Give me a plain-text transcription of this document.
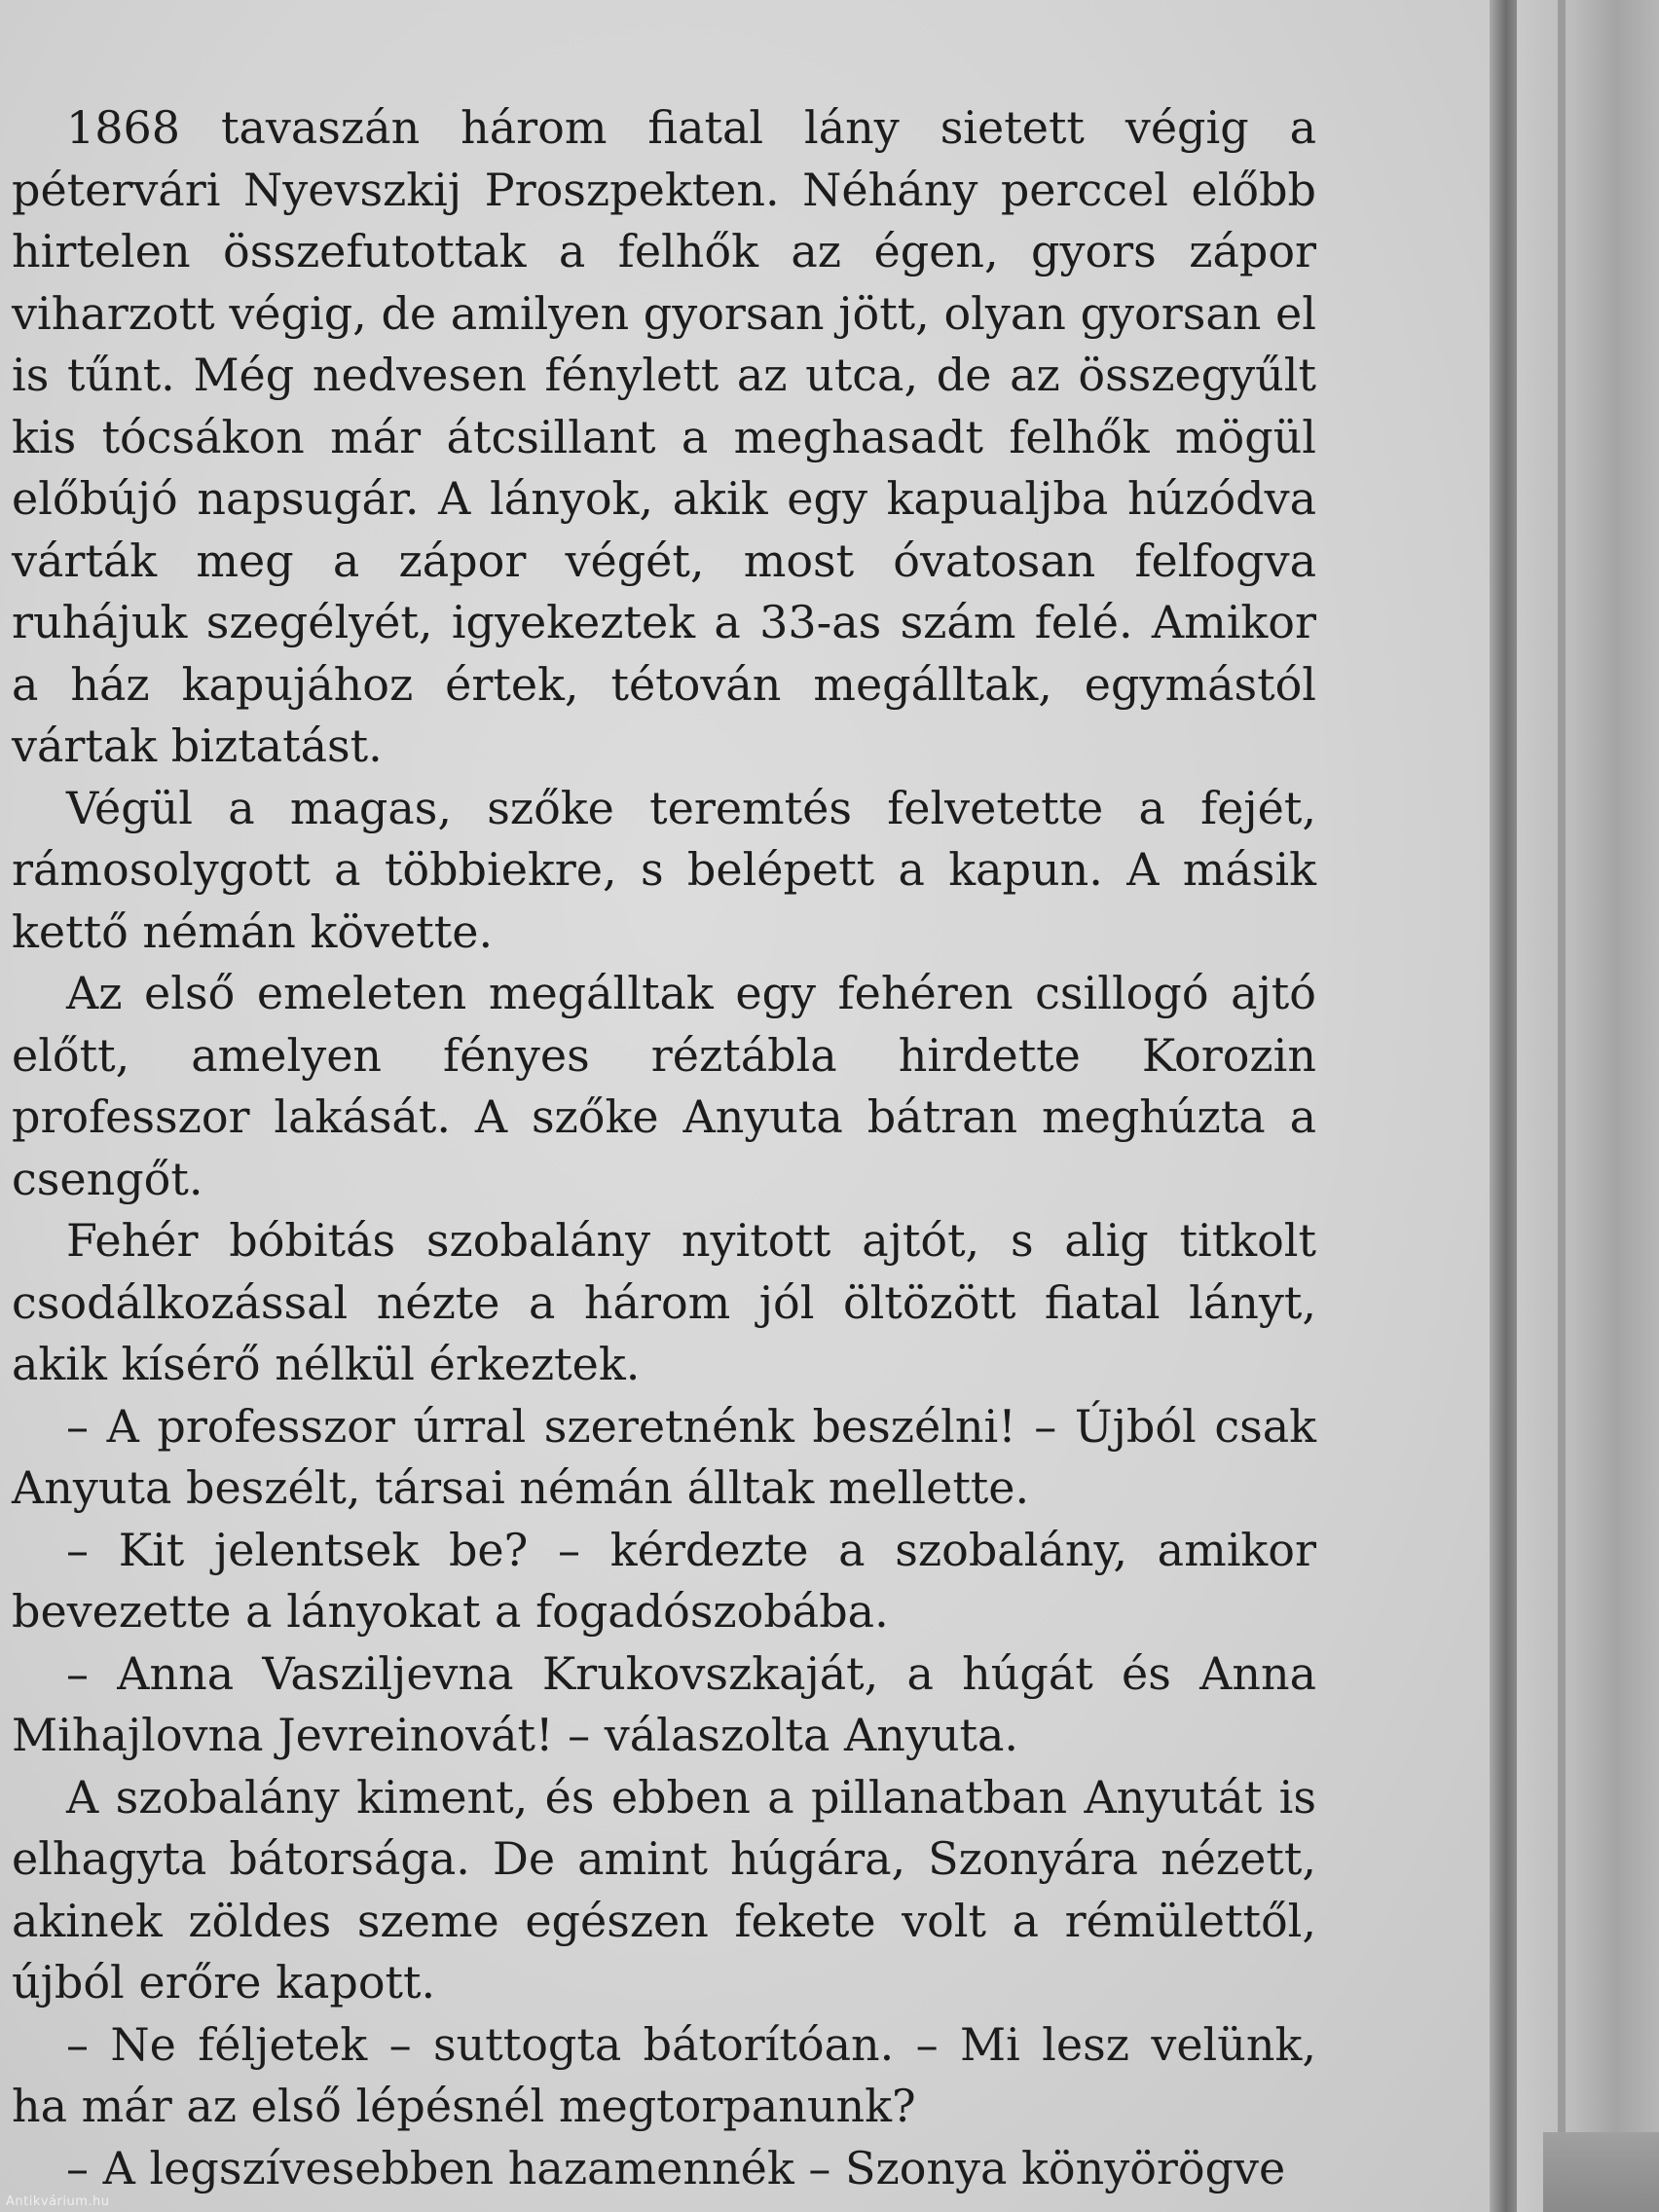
1868 tavaszán három fiatal lány sietett végig a pétervári Nyevszkij Proszpekten. Néhány perccel előbb hirtelen összefutottak a felhők az égen, gyors zápor viharzott végig, de amilyen gyorsan jött, olyan gyorsan el is tűnt. Még nedvesen fénylett az utca, de az összegyűlt kis tócsákon már átcsillant a meghasadt felhők mögül előbújó napsugár. A lányok, akik egy kapualjba húzódva várták meg a zápor végét, most óvatosan felfogva ruhájuk szegélyét, igyekeztek a 33-as szám felé. Amikor a ház kapujához értek, tétován megálltak, egymástól vártak biztatást.

Végül a magas, szőke teremtés felvetette a fejét, rámosolygott a többiekre, s belépett a kapun. A másik kettő némán követte.

Az első emeleten megálltak egy fehéren csillogó ajtó előtt, amelyen fényes réztábla hirdette Korozin professzor lakását. A szőke Anyuta bátran meghúzta a csengőt.

Fehér bóbitás szobalány nyitott ajtót, s alig titkolt csodálkozással nézte a három jól öltözött fiatal lányt, akik kísérő nélkül érkeztek.

– A professzor úrral szeretnénk beszélni! – Újból csak Anyuta beszélt, társai némán álltak mellette.

– Kit jelentsek be? – kérdezte a szobalány, amikor bevezette a lányokat a fogadószobába.

– Anna Vasziljevna Krukovszkaját, a húgát és Anna Mihajlovna Jevreinovát! – válaszolta Anyuta.

A szobalány kiment, és ebben a pillanatban Anyutát is elhagyta bátorsága. De amint húgára, Szonyára nézett, akinek zöldes szeme egészen fekete volt a rémülettől, újból erőre kapott.

– Ne féljetek – suttogta bátorítóan. – Mi lesz velünk, ha már az első lépésnél megtorpanunk?

– A legszívesebben hazamennék – Szonya könyörögve

Antikvárium.hu
